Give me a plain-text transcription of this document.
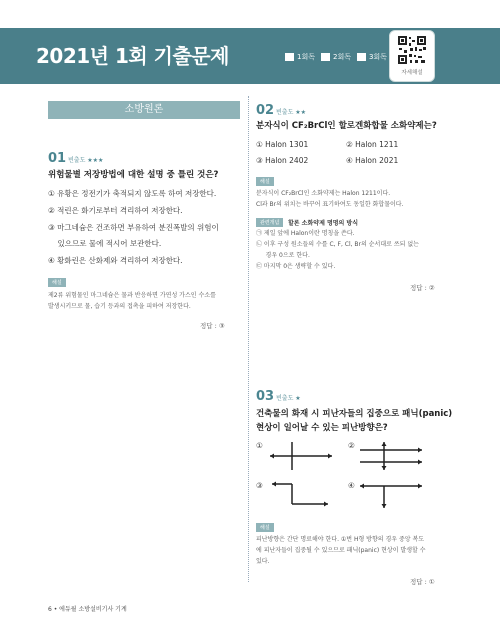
2021년 1회 기출문제	1회독	2회독	3회독
자세해설
소방원론
01 빈출도 ★★★
위험물별 저장방법에 대한 설명 중 틀린 것은?
① 유황은 정전기가 축적되지 않도록 하여 저장한다.
② 적린은 화기로부터 격리하여 저장한다.
③ 마그네슘은 건조하면 부유하여 분진폭발의 위험이
있으므로 물에 적시어 보관한다.
④ 황화린은 산화제와 격리하여 저장한다.
해설
제2류 위험물인 마그네슘은 물과 반응하면 가연성 가스인 수소를
발생시키므로 물, 습기 등과의 접촉을 피하여 저장한다.
정답 : ③
02 빈출도 ★★
분자식이 CF₂BrCl인 할로겐화합물 소화약제는?
① Halon 1301	② Halon 1211
③ Halon 2402	④ Halon 2021
해설
분자식이 CF₂BrCl인 소화약제는 Halon 1211이다.
Cl과 Br의 위치는 바꾸어 표기하여도 동일한 화합물이다.
관련개념	할론 소화약제 명명의 방식
㉠ 제일 앞에 Halon이란 명칭을 쓴다.
㉡ 이후 구성 원소들의 수를 C, F, Cl, Br의 순서대로 쓰되 없는
경우 0으로 한다.
㉢ 마지막 0은 생략할 수 있다.
정답 : ②
03 빈출도 ★
건축물의 화재 시 피난자들의 집중으로 패닉(panic)
현상이 일어날 수 있는 피난방향은?
①	②
③	④
해설
피난방향은 간단 명료해야 한다. ①번 H형 방향의 경우 중앙 복도
에 피난자들이 집중될 수 있으므로 패닉(panic) 현상이 발생할 수
있다.
정답 : ①
6 • 에듀윌 소방설비기사 기계
